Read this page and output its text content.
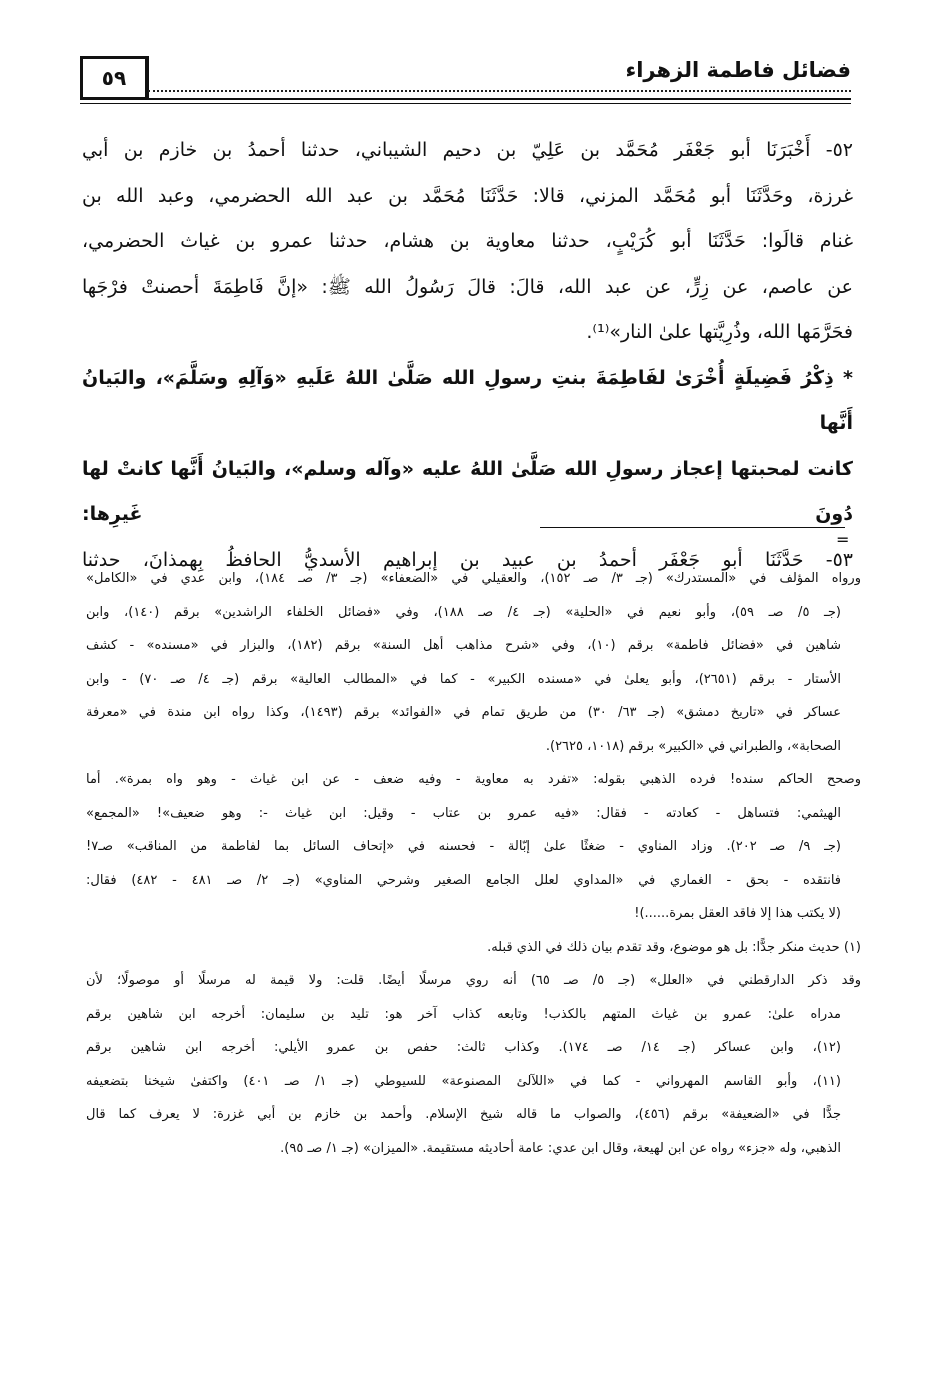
فضائل فاطمة الزهراء
٥٩
٥٢- أَخْبَرَنَا أبو جَعْفَر مُحَمَّد بن عَلِيّ بن دحيم الشيباني، حدثنا أحمدُ بن خازم بن أبي
غرزة، وحَدَّثَنَا أبو مُحَمَّد المزني، قالا: حَدَّثَنَا مُحَمَّد بن عبد الله الحضرمي، وعبد الله بن
غنام قالَوا: حَدَّثَنَا أبو كُرَيْبٍ، حدثنا معاوية بن هشام، حدثنا عمرو بن غياث الحضرمي،
عن عاصم، عن زِرٍّ، عن عبد الله، قالَ: قالَ رَسُولُ الله ﷺ: «إنَّ فَاطِمَةَ أحصنتْ فرْجَها
فحَرَّمَها الله، وذُرِيَّتها علىٰ النار»⁽¹⁾.
* ذِكْرُ فَضِيلَةٍ أُخْرَىٰ لفَاطِمَةَ بنتِ رسولِ الله صَلَّىٰ اللهُ عَلَيهِ «وَآلِهِ وسَلَّمَ»، والبَيانُ أَنَّها
كانت لمحبتها إعجاز رسولِ الله صَلَّىٰ اللهُ عليه «وآله وسلم»، والبَيانُ أَنَّها كانتْ لها دُونَ غَيرِها:
٥٣- حَدَّثَنَا أبو جَعْفَر أحمدُ بن عبيد بن إبراهيم الأسديُّ الحافظُ بِهمذانَ، حدثنا
=
ورواه المؤلف في «المستدرك» (جـ ٣/ صـ ١٥٢)، والعقيلي في «الضعفاء» (جـ ٣/ صـ ١٨٤)، وابن عدي في «الكامل»
(جـ ٥/ صـ ٥٩)، وأبو نعيم في «الحلية» (جـ ٤/ صـ ١٨٨)، وفي «فضائل الخلفاء الراشدين» برقم (١٤٠)، وابن
شاهين في «فضائل فاطمة» برقم (١٠)، وفي «شرح مذاهب أهل السنة» برقم (١٨٢)، والبزار في «مسنده» - كشف
الأستار - برقم (٢٦٥١)، وأبو يعلىٰ في «مسنده الكبير» - كما في «المطالب العالية» برقم (جـ ٤/ صـ ٧٠) - وابن
عساكر في «تاريخ دمشق» (جـ ٦٣/ ٣٠) من طريق تمام في «الفوائد» برقم (١٤٩٣)، وكذا رواه ابن مندة في «معرفة
الصحابة»، والطبراني في «الكبير» برقم (١٠١٨، ٢٦٢٥).
وصحح الحاكم سنده! فرده الذهبي بقوله: «تفرد به معاوية - وفيه ضعف - عن ابن غياث - وهو واه بمرة». أما
الهيثمي: فتساهل - كعادته - فقال: «فيه عمرو بن عتاب - وقيل: ابن غياث -: وهو ضعيف»! «المجمع»
(جـ ٩/ صـ ٢٠٢). وزاد المناوي - ضغثًا علىٰ إبّالة - فحسنه في «إتحاف السائل بما لفاطمة من المناقب» صـ٧!
فانتقده - بحق - الغماري في «المداوي لعلل الجامع الصغير وشرحي المناوي» (جـ ٢/ صـ ٤٨١ - ٤٨٢) فقال:
(لا يكتب هذا إلا فاقد العقل بمرة......)!
(١) حديث منكر جدًّا: بل هو موضوع، وقد تقدم بيان ذلك في الذي قبله.
وقد ذكر الدارقطني في «العلل» (جـ ٥/ صـ ٦٥) أنه روي مرسلًا أيضًا. قلت: ولا قيمة له مرسلًا أو موصولًا؛ لأن
مدراه علىٰ: عمرو بن غياث المتهم بالكذب! وتابعه كذاب آخر هو: تليد بن سليمان: أخرجه ابن شاهين برقم
(١٢)، وابن عساكر (جـ ١٤/ صـ ١٧٤). وكذاب ثالث: حفص بن عمرو الأيلي: أخرجه ابن شاهين برقم
(١١)، وأبو القاسم المهرواني - كما في «اللآلئ المصنوعة» للسيوطي (جـ ١/ صـ ٤٠١) واكتفىٰ شيخنا بتضعيفه
جدًّا في «الضعيفة» برقم (٤٥٦)، والصواب ما قاله شيخ الإسلام. وأحمد بن خازم بن أبي غزرة: لا يعرف كما قال
الذهبي، وله «جزء» رواه عن ابن لهيعة، وقال ابن عدي: عامة أحاديثه مستقيمة. «الميزان» (جـ ١/ صـ ٩٥).
